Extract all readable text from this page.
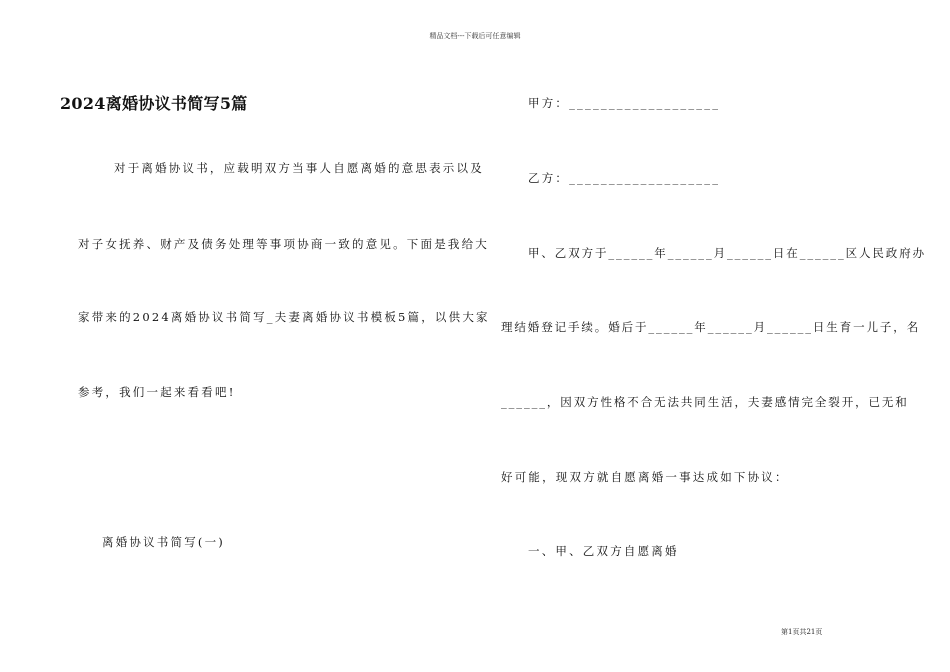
精品文档---下载后可任意编辑
2024离婚协议书简写5篇
对于离婚协议书，应载明双方当事人自愿离婚的意思表示以及
对子女抚养、财产及债务处理等事项协商一致的意见。下面是我给大
家带来的2024离婚协议书简写_夫妻离婚协议书模板5篇，以供大家
参考，我们一起来看看吧!
离婚协议书简写(一)
甲方：___________________
乙方：___________________
甲、乙双方于______年______月______日在______区人民政府办
理结婚登记手续。婚后于______年______月______日生育一儿子，名
______，因双方性格不合无法共同生活，夫妻感情完全裂开，已无和
好可能，现双方就自愿离婚一事达成如下协议：
一、甲、乙双方自愿离婚
第1页共21页
